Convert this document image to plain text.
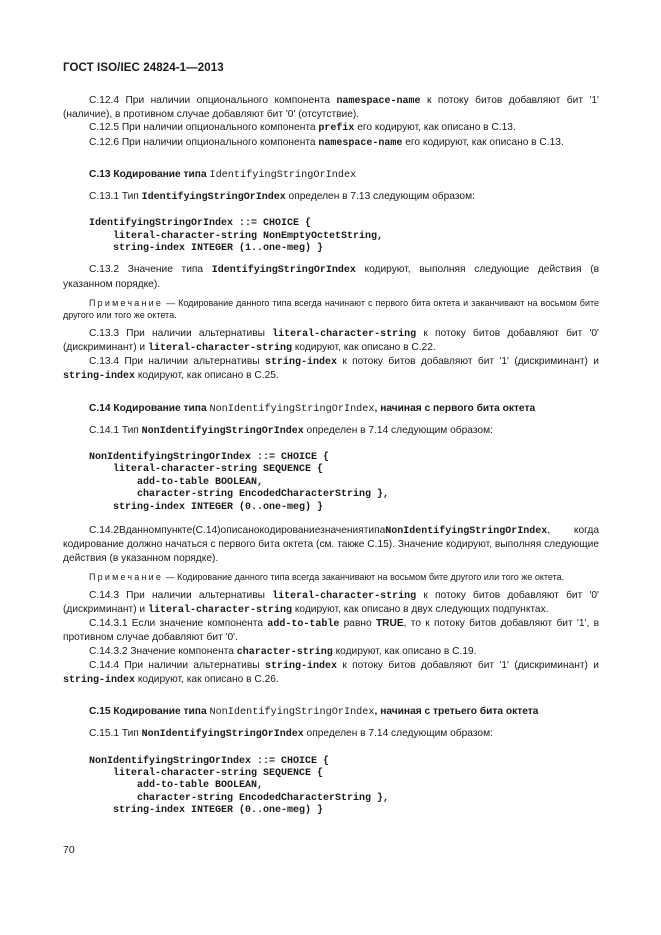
ГОСТ ISO/IEC 24824-1—2013

C.12.4 При наличии опционального компонента namespace-name к потоку битов добавляют бит '1' (наличие), в противном случае добавляют бит '0' (отсутствие).

C.12.5 При наличии опционального компонента prefix его кодируют, как описано в C.13.

C.12.6 При наличии опционального компонента namespace-name его кодируют, как описано в C.13.

C.13 Кодирование типа IdentifyingStringOrIndex

C.13.1 Тип IdentifyingStringOrIndex определен в 7.13 следующим образом:

IdentifyingStringOrIndex ::= CHOICE {
literal-character-string NonEmptyOctetString,
string-index INTEGER (1..one-meg) }

C.13.2 Значение типа IdentifyingStringOrIndex кодируют, выполняя следующие действия (в указанном порядке).

Примечание — Кодирование данного типа всегда начинают с первого бита октета и заканчивают на восьмом бите другого или того же октета.

C.13.3 При наличии альтернативы literal-character-string к потоку битов добавляют бит '0' (дискриминант) и literal-character-string кодируют, как описано в C.22.

C.13.4 При наличии альтернативы string-index к потоку битов добавляют бит '1' (дискриминант) и string-index кодируют, как описано в C.25.

C.14 Кодирование типа NonIdentifyingStringOrIndex, начиная с первого бита октета

C.14.1 Тип NonIdentifyingStringOrIndex определен в 7.14 следующим образом:

NonIdentifyingStringOrIndex ::= CHOICE {
literal-character-string SEQUENCE {
add-to-table BOOLEAN,
character-string EncodedCharacterString },
string-index INTEGER (0..one-meg) }

C.14.2Вданномпункте(C.14)описанокодированиезначениятипаNonIdentifyingStringOrIndex, когда кодирование должно начаться с первого бита октета (см. также C.15). Значение кодируют, выполняя следующие действия (в указанном порядке).

Примечание — Кодирование данного типа всегда заканчивают на восьмом бите другого или того же октета.

C.14.3 При наличии альтернативы literal-character-string к потоку битов добавляют бит '0' (дискриминант) и literal-character-string кодируют, как описано в двух следующих подпунктах.

C.14.3.1 Если значение компонента add-to-table равно TRUE, то к потоку битов добавляют бит '1', в противном случае добавляют бит '0'.

C.14.3.2 Значение компонента character-string кодируют, как описано в C.19.

C.14.4 При наличии альтернативы string-index к потоку битов добавляют бит '1' (дискриминант) и string-index кодируют, как описано в C.26.

C.15 Кодирование типа NonIdentifyingStringOrIndex, начиная с третьего бита октета

C.15.1 Тип NonIdentifyingStringOrIndex определен в 7.14 следующим образом:

NonIdentifyingStringOrIndex ::= CHOICE {
literal-character-string SEQUENCE {
add-to-table BOOLEAN,
character-string EncodedCharacterString },
string-index INTEGER (0..one-meg) }
70
